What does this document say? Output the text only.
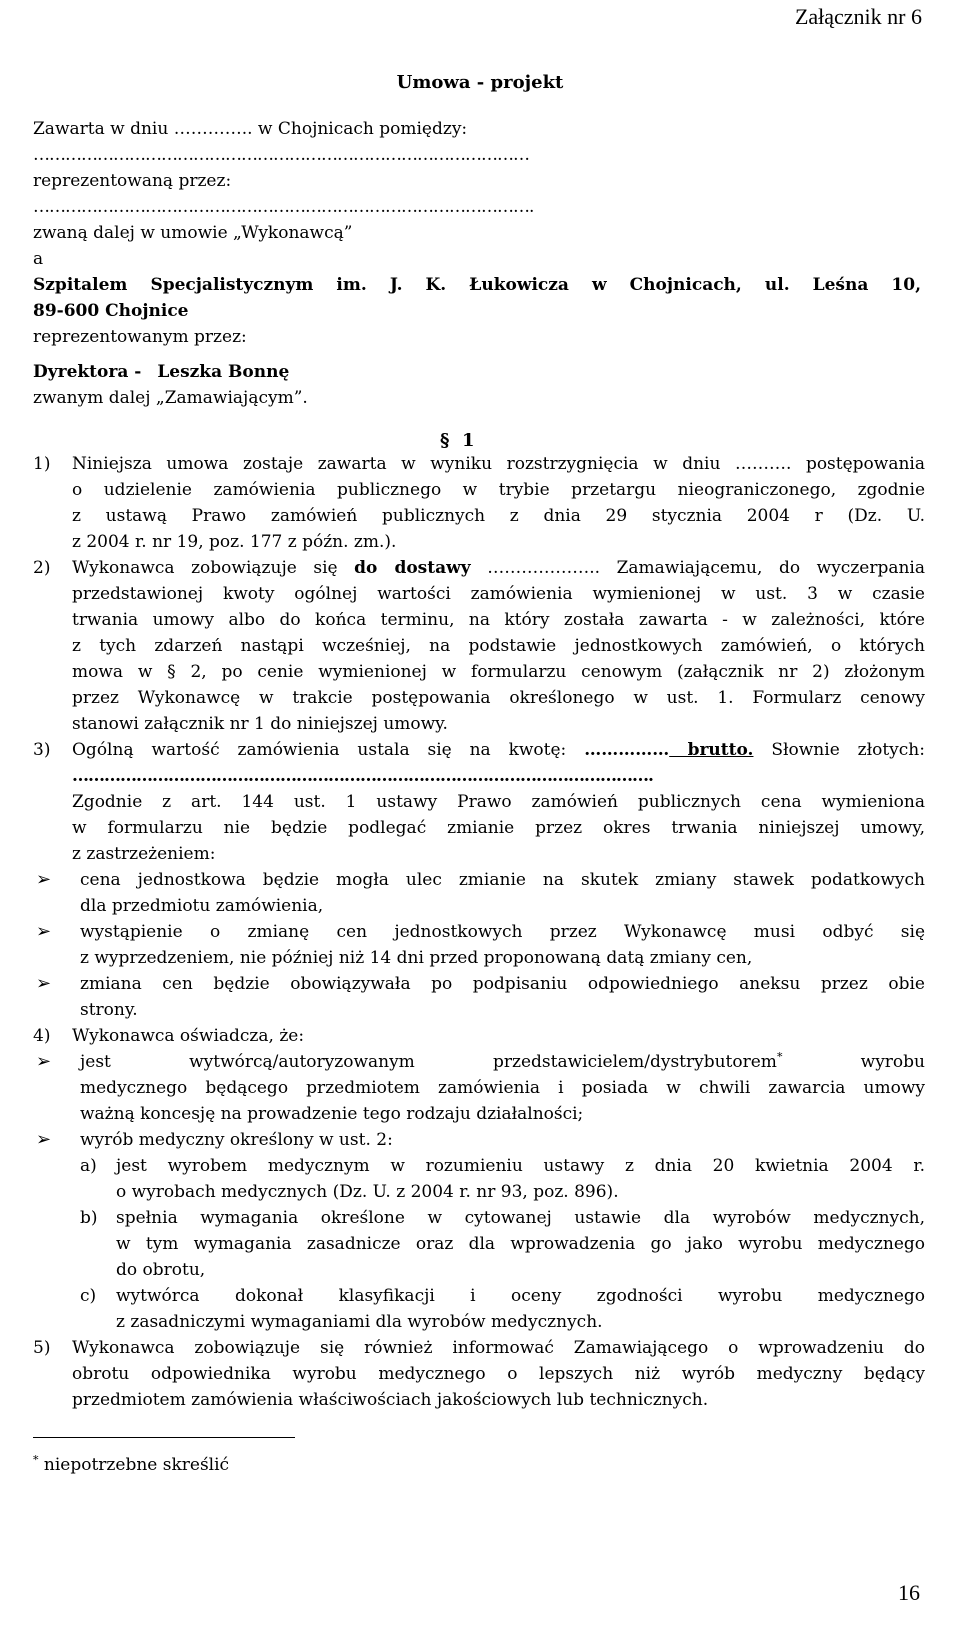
Załącznik nr 6
Umowa - projekt
Zawarta w dniu ………….. w Chojnicach pomiędzy:
…………………………………………………………………………………
reprezentowaną przez:
………………………………………………………………………………….
zwaną dalej w umowie „Wykonawcą”
a
Szpitalem Specjalistycznym im. J. K. Łukowicza w Chojnicach, ul. Leśna 10,
89-600 Chojnice
reprezentowanym przez:
Dyrektora - Leszka Bonnę
zwanym dalej „Zamawiającym”.
§ 1
1) Niniejsza umowa zostaje zawarta w wyniku rozstrzygnięcia w dniu ………. postępowania
o udzielenie zamówienia publicznego w trybie przetargu nieograniczonego, zgodnie
z ustawą Prawo zamówień publicznych z dnia 29 stycznia 2004 r (Dz. U.
z 2004 r. nr 19, poz. 177 z późn. zm.).
2) Wykonawca zobowiązuje się do dostawy ……………….. Zamawiającemu, do wyczerpania
przedstawionej kwoty ogólnej wartości zamówienia wymienionej w ust. 3 w czasie
trwania umowy albo do końca terminu, na który została zawarta - w zależności, które
z tych zdarzeń nastąpi wcześniej, na podstawie jednostkowych zamówień, o których
mowa w § 2, po cenie wymienionej w formularzu cenowym (załącznik nr 2) złożonym
przez Wykonawcę w trakcie postępowania określonego w ust. 1. Formularz cenowy
stanowi załącznik nr 1 do niniejszej umowy.
3) Ogólną wartość zamówienia ustala się na kwotę: …………… brutto. Słownie złotych:
……………………………………………………………………………………………….
Zgodnie z art. 144 ust. 1 ustawy Prawo zamówień publicznych cena wymieniona
w formularzu nie będzie podlegać zmianie przez okres trwania niniejszej umowy,
z zastrzeżeniem:
➢ cena jednostkowa będzie mogła ulec zmianie na skutek zmiany stawek podatkowych
dla przedmiotu zamówienia,
➢ wystąpienie o zmianę cen jednostkowych przez Wykonawcę musi odbyć się
z wyprzedzeniem, nie później niż 14 dni przed proponowaną datą zmiany cen,
➢ zmiana cen będzie obowiązywała po podpisaniu odpowiedniego aneksu przez obie
strony.
4) Wykonawca oświadcza, że:
➢ jest wytwórcą/autoryzowanym przedstawicielem/dystrybutorem* wyrobu
medycznego będącego przedmiotem zamówienia i posiada w chwili zawarcia umowy
ważną koncesję na prowadzenie tego rodzaju działalności;
➢ wyrób medyczny określony w ust. 2:
a) jest wyrobem medycznym w rozumieniu ustawy z dnia 20 kwietnia 2004 r.
o wyrobach medycznych (Dz. U. z 2004 r. nr 93, poz. 896).
b) spełnia wymagania określone w cytowanej ustawie dla wyrobów medycznych,
w tym wymagania zasadnicze oraz dla wprowadzenia go jako wyrobu medycznego
do obrotu,
c) wytwórca dokonał klasyfikacji i oceny zgodności wyrobu medycznego
z zasadniczymi wymaganiami dla wyrobów medycznych.
5) Wykonawca zobowiązuje się również informować Zamawiającego o wprowadzeniu do
obrotu odpowiednika wyrobu medycznego o lepszych niż wyrób medyczny będący
przedmiotem zamówienia właściwościach jakościowych lub technicznych.
* niepotrzebne skreślić
16
